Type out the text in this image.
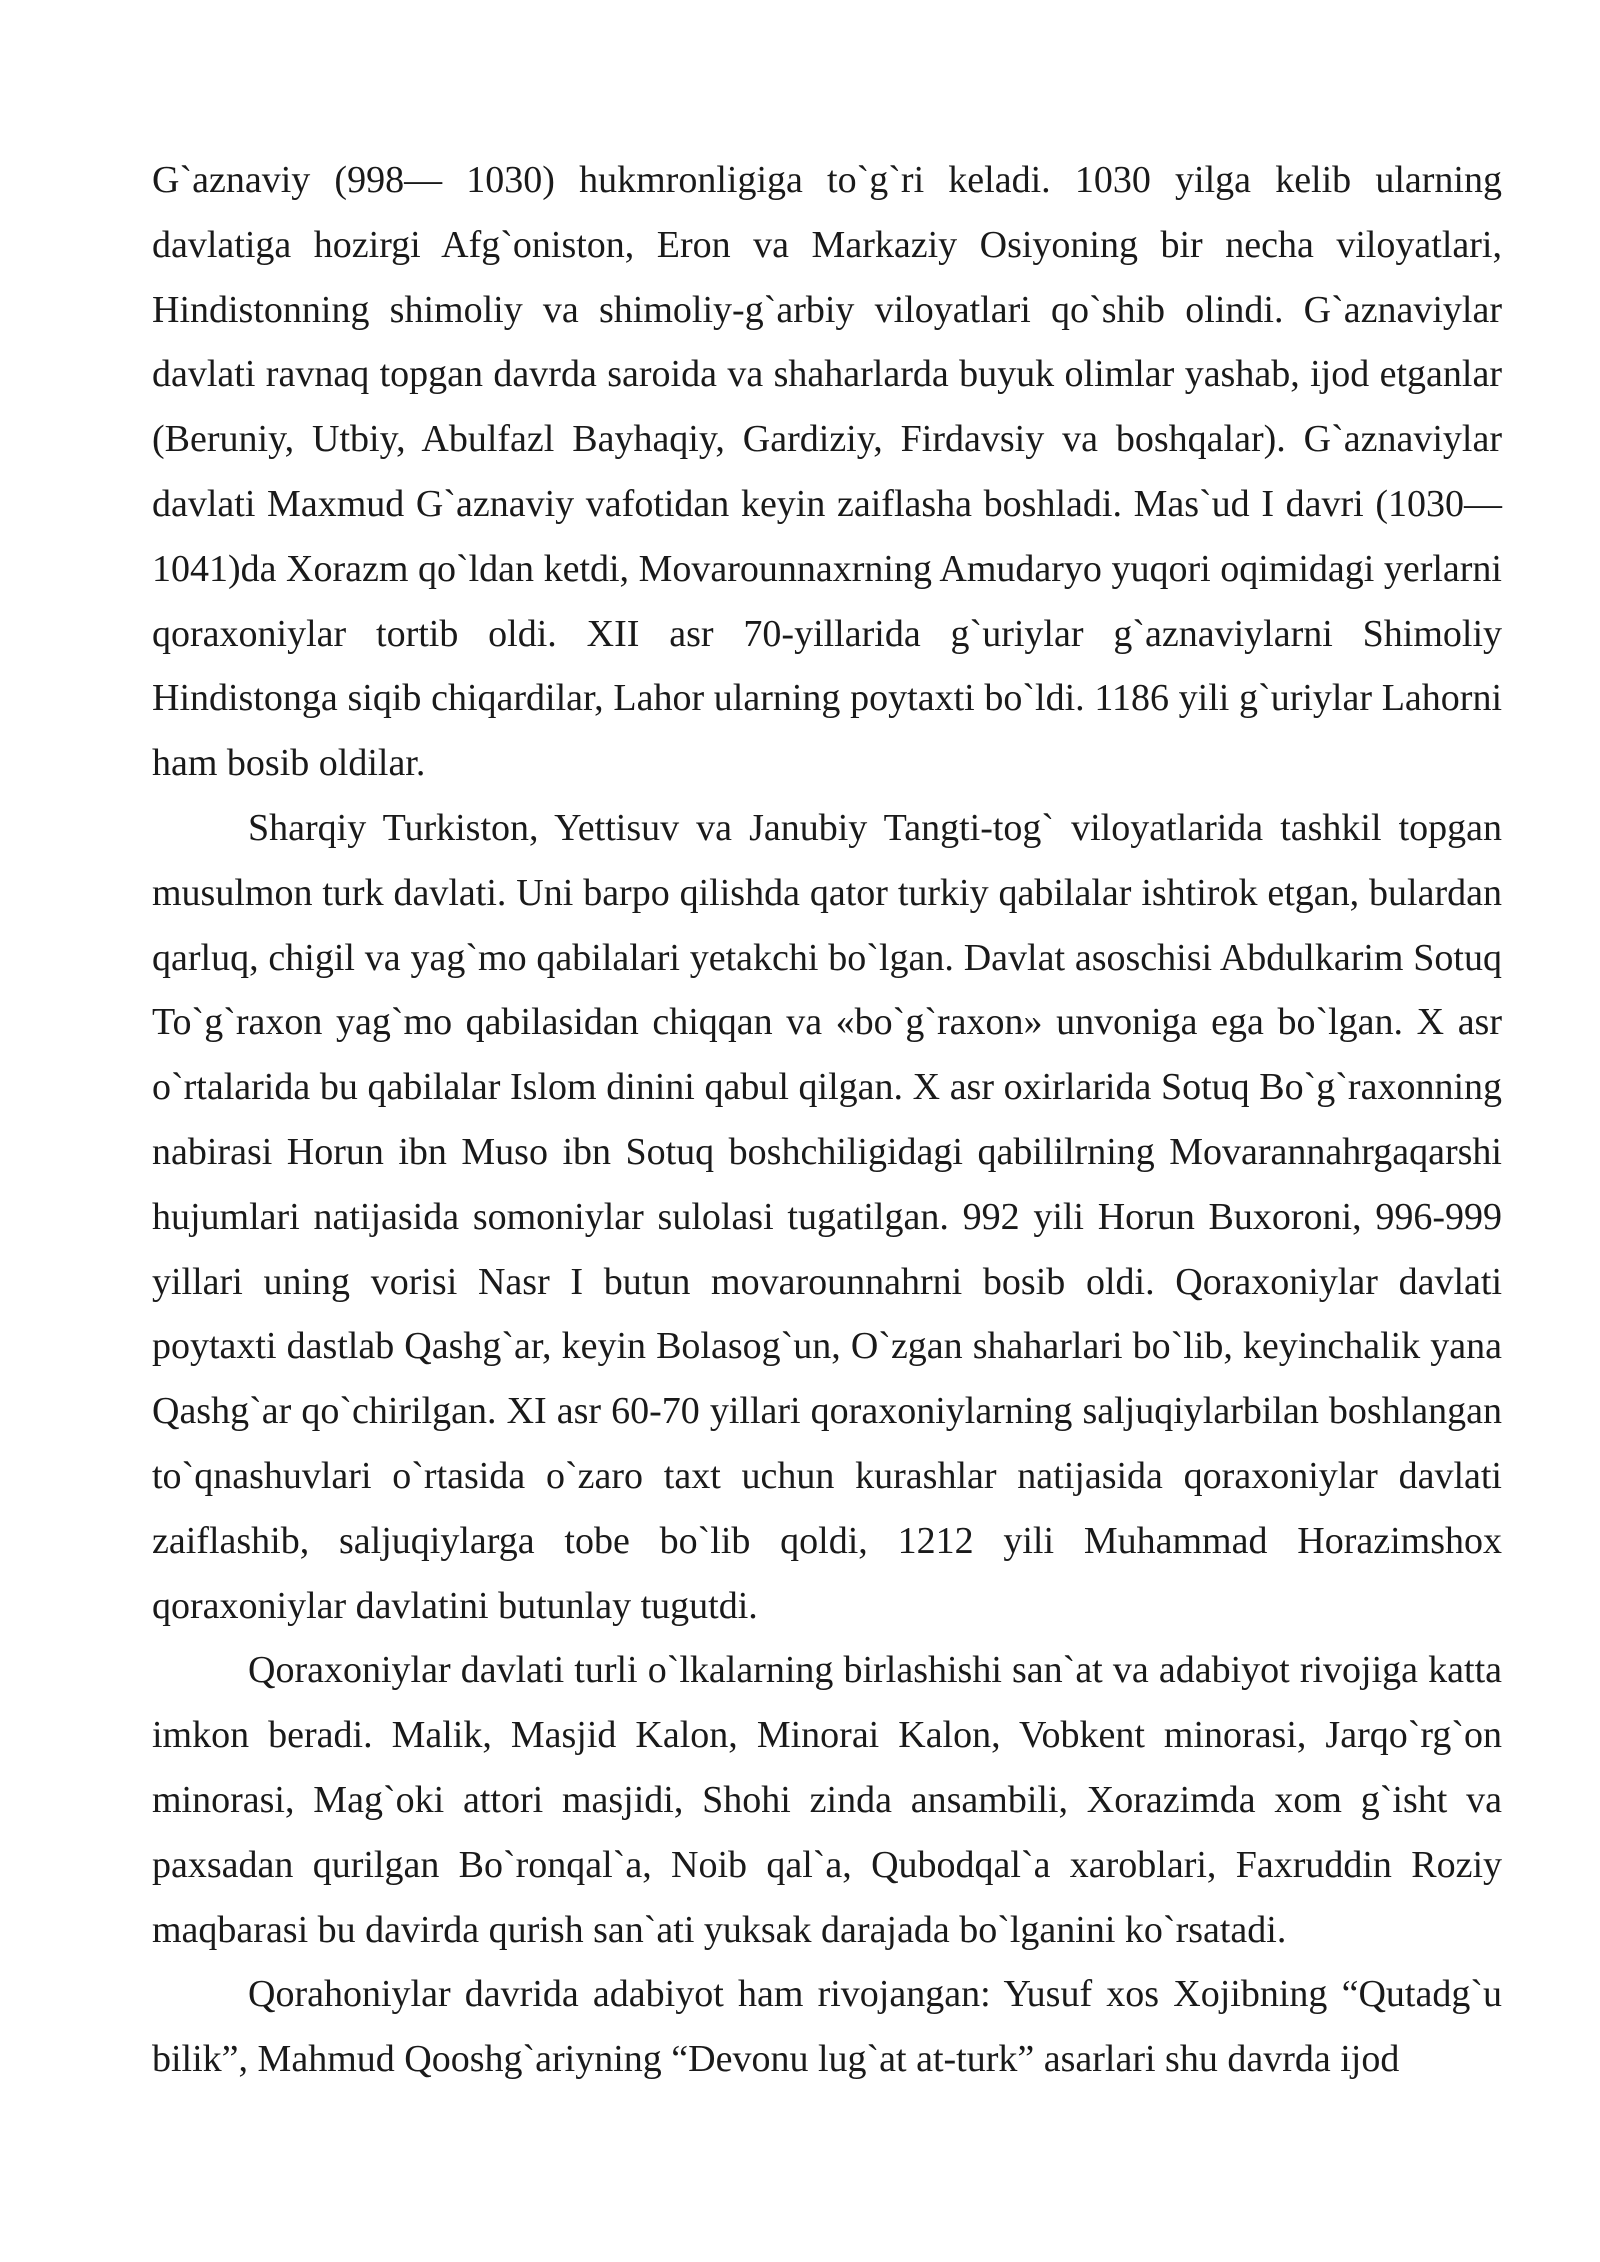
G`aznaviy (998— 1030) hukmronligiga to`g`ri keladi. 1030 yilga kelib ularning davlatiga hozirgi Afg`oniston, Eron va Markaziy Osiyoning bir necha viloyatlari, Hindistonning shimoliy va shimoliy-g`arbiy viloyatlari qo`shib olindi. G`aznaviylar davlati ravnaq topgan davrda saroida va shaharlarda buyuk olimlar yashab, ijod etganlar (Beruniy, Utbiy, Abulfazl Bayhaqiy, Gardiziy, Firdavsiy va boshqalar). G`aznaviylar davlati Maxmud G`aznaviy vafotidan keyin zaiflasha boshladi. Mas`ud I davri (1030—1041)da Xorazm qo`ldan ketdi, Movarounnaxrning Amudaryo yuqori oqimidagi yerlarni qoraxoniylar tortib oldi. XII asr 70-yillarida g`uriylar g`aznaviylarni Shimoliy Hindistonga siqib chiqardilar, Lahor ularning poytaxti bo`ldi. 1186 yili g`uriylar Lahorni ham bosib oldilar.

Sharqiy Turkiston, Yettisuv va Janubiy Tangti-tog` viloyatlarida tashkil topgan musulmon turk davlati. Uni barpo qilishda qator turkiy qabilalar ishtirok etgan, bulardan qarluq, chigil va yag`mo qabilalari yetakchi bo`lgan. Davlat asoschisi Abdulkarim Sotuq To`g`raxon yag`mo qabilasidan chiqqan va «bo`g`raxon» unvoniga ega bo`lgan. X asr o`rtalarida bu qabilalar Islom dinini qabul qilgan. X asr oxirlarida Sotuq Bo`g`raxonning nabirasi Horun ibn Muso ibn Sotuq boshchiligidagi qabililrning Movarannahrgaqarshi hujumlari natijasida somoniylar sulolasi tugatilgan. 992 yili Horun Buxoroni, 996-999 yillari uning vorisi Nasr I butun movarounnahrni bosib oldi. Qoraxoniylar davlati poytaxti dastlab Qashg`ar, keyin Bolasog`un, O`zgan shaharlari bo`lib, keyinchalik yana Qashg`ar qo`chirilgan. XI asr 60-70 yillari qoraxoniylarning saljuqiylarbilan boshlangan to`qnashuvlari o`rtasida o`zaro taxt uchun kurashlar natijasida qoraxoniylar davlati zaiflashib, saljuqiylarga tobe bo`lib qoldi, 1212 yili Muhammad Horazimshox qoraxoniylar davlatini butunlay tugutdi.

Qoraxoniylar davlati turli o`lkalarning birlashishi san`at va adabiyot rivojiga katta imkon beradi. Malik, Masjid Kalon, Minorai Kalon, Vobkent minorasi, Jarqo`rg`on minorasi, Mag`oki attori masjidi, Shohi zinda ansambili, Xorazimda xom g`isht va paxsadan qurilgan Bo`ronqal`a, Noib qal`a, Qubodqal`a xaroblari, Faxruddin Roziy maqbarasi bu davirda qurish san`ati yuksak darajada bo`lganini ko`rsatadi.

Qorahoniylar davrida adabiyot ham rivojangan: Yusuf xos Xojibning “Qutadg`u bilik”, Mahmud Qooshg`ariyning “Devonu lug`at at-turk” asarlari shu davrda ijod
